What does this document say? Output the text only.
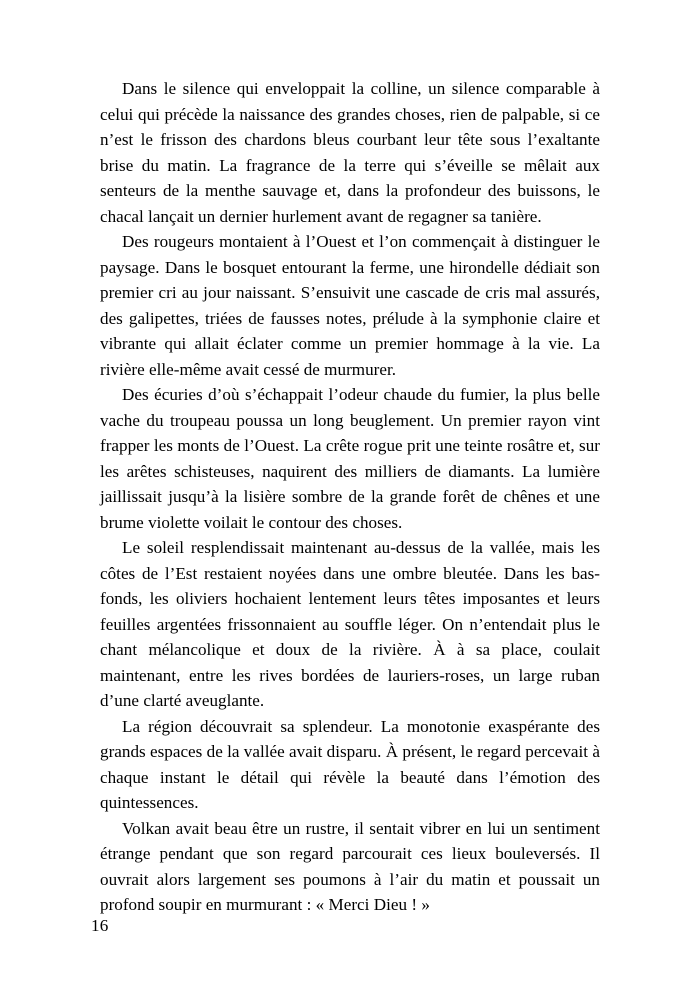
Dans le silence qui enveloppait la colline, un silence comparable à celui qui précède la naissance des grandes choses, rien de palpable, si ce n’est le frisson des chardons bleus courbant leur tête sous l’exaltante brise du matin. La fragrance de la terre qui s’éveille se mêlait aux senteurs de la menthe sauvage et, dans la profondeur des buissons, le chacal lançait un dernier hurlement avant de regagner sa tanière.

Des rougeurs montaient à l’Ouest et l’on commençait à distinguer le paysage. Dans le bosquet entourant la ferme, une hirondelle dédiait son premier cri au jour naissant. S’ensuivit une cascade de cris mal assurés, des galipettes, triées de fausses notes, prélude à la symphonie claire et vibrante qui allait éclater comme un premier hommage à la vie. La rivière elle-même avait cessé de murmurer.

Des écuries d’où s’échappait l’odeur chaude du fumier, la plus belle vache du troupeau poussa un long beuglement. Un premier rayon vint frapper les monts de l’Ouest. La crête rogue prit une teinte rosâtre et, sur les arêtes schisteuses, naquirent des milliers de diamants. La lumière jaillissait jusqu’à la lisière sombre de la grande forêt de chênes et une brume violette voilait le contour des choses.

Le soleil resplendissait maintenant au-dessus de la vallée, mais les côtes de l’Est restaient noyées dans une ombre bleutée. Dans les bas-fonds, les oliviers hochaient lentement leurs têtes imposantes et leurs feuilles argentées frissonnaient au souffle léger. On n’entendait plus le chant mélancolique et doux de la rivière. À à sa place, coulait maintenant, entre les rives bordées de lauriers-roses, un large ruban d’une clarté aveuglante.

La région découvrait sa splendeur. La monotonie exaspérante des grands espaces de la vallée avait disparu. À présent, le regard percevait à chaque instant le détail qui révèle la beauté dans l’émotion des quintessences.

Volkan avait beau être un rustre, il sentait vibrer en lui un sentiment étrange pendant que son regard parcourait ces lieux bouleversés. Il ouvrait alors largement ses poumons à l’air du matin et poussait un profond soupir en murmurant : « Merci Dieu ! »

16
